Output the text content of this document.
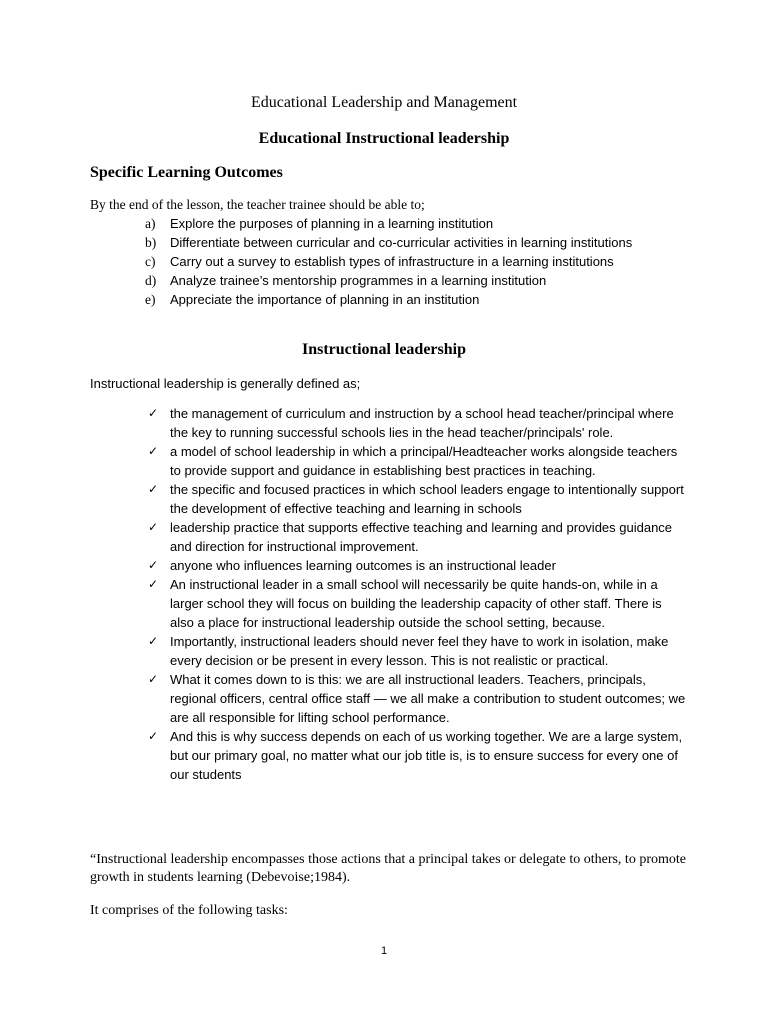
Educational Leadership and Management
Educational Instructional leadership
Specific Learning Outcomes
By the end of the lesson, the teacher trainee should be able to;
a) Explore the purposes of planning in a learning institution
b) Differentiate between curricular and co-curricular activities in learning institutions
c) Carry out a survey to establish types of infrastructure in a learning institutions
d) Analyze trainee’s mentorship programmes in a learning institution
e) Appreciate the importance of planning in an institution
Instructional leadership
Instructional leadership is generally defined as;
✓ the management of curriculum and instruction by a school head teacher/principal where the key to running successful schools lies in the head teacher/principals' role.
✓ a model of school leadership in which a principal/Headteacher works alongside teachers to provide support and guidance in establishing best practices in teaching.
✓ the specific and focused practices in which school leaders engage to intentionally support the development of effective teaching and learning in schools
✓ leadership practice that supports effective teaching and learning and provides guidance and direction for instructional improvement.
✓ anyone who influences learning outcomes is an instructional leader
✓ An instructional leader in a small school will necessarily be quite hands-on, while in a larger school they will focus on building the leadership capacity of other staff. There is also a place for instructional leadership outside the school setting, because.
✓ Importantly, instructional leaders should never feel they have to work in isolation, make every decision or be present in every lesson. This is not realistic or practical.
✓ What it comes down to is this: we are all instructional leaders. Teachers, principals, regional officers, central office staff — we all make a contribution to student outcomes; we are all responsible for lifting school performance.
✓ And this is why success depends on each of us working together. We are a large system, but our primary goal, no matter what our job title is, is to ensure success for every one of our students
“Instructional leadership encompasses those actions that a principal takes or delegate to others, to promote growth in students learning (Debevoise;1984).
It comprises of the following tasks:
1
